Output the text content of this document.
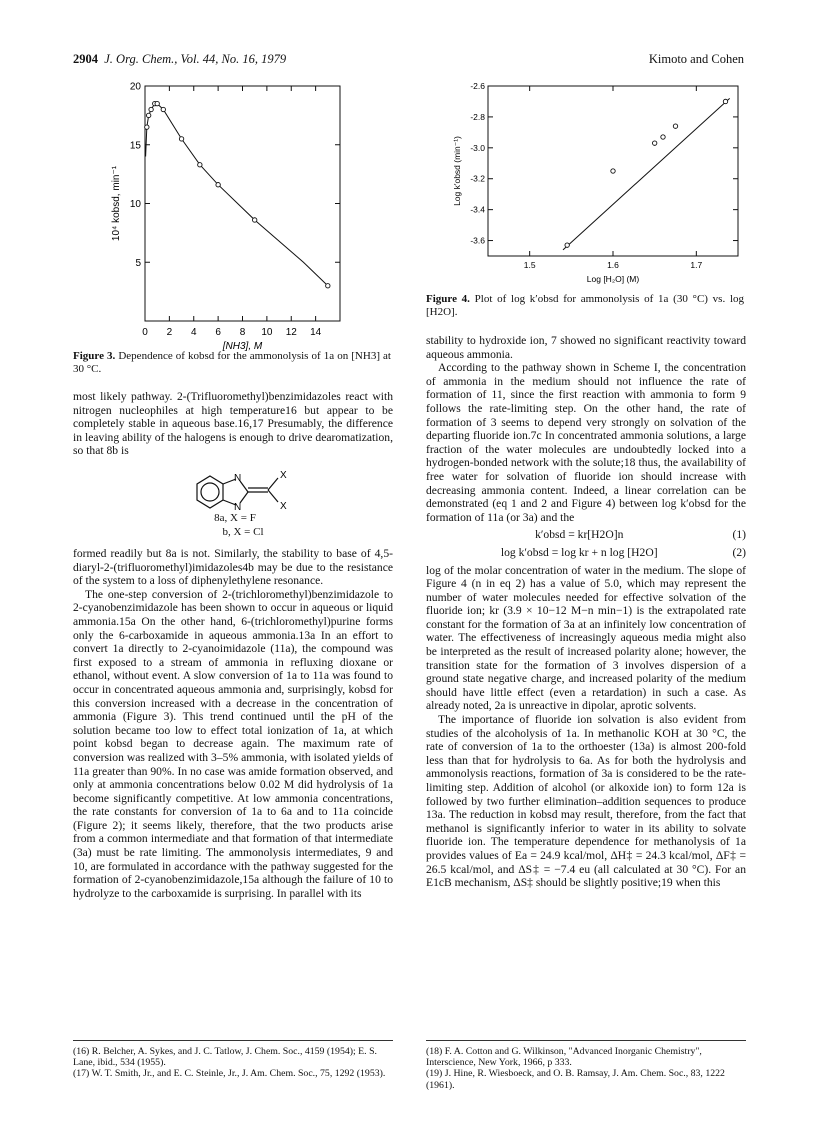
2904 J. Org. Chem., Vol. 44, No. 16, 1979	Kimoto and Cohen
0 2 4 6 8 10 12 14
5
10
15
20
[NH3], M
10⁴ kobsd, min⁻¹
Figure 3. Dependence of kobsd for the ammonolysis of 1a on [NH3] at 30 °C.
1.5	1.6	1.7
-2.6
-2.8
-3.0
-3.2
-3.4
-3.6
Log [H₂O] (M)
Log k′obsd (min⁻¹)
Figure 4. Plot of log k′obsd for ammonolysis of 1a (30 °C) vs. log [H2O].

most likely pathway. 2-(Trifluoromethyl)benzimidazoles react with nitrogen nucleophiles at high temperature16 but appear to be completely stable in aqueous base.16,17 Presumably, the difference in leaving ability of the halogens is enough to drive dearomatization, so that 8b is

N
N
X
X
8a, X = F
b, X = Cl

formed readily but 8a is not. Similarly, the stability to base of 4,5-diaryl-2-(trifluoromethyl)imidazoles4b may be due to the resistance of the system to a loss of diphenylethylene resonance.

The one-step conversion of 2-(trichloromethyl)benzimidazole to 2-cyanobenzimidazole has been shown to occur in aqueous or liquid ammonia.15a On the other hand, 6-(trichloromethyl)purine forms only the 6-carboxamide in aqueous ammonia.13a In an effort to convert 1a directly to 2-cyanoimidazole (11a), the compound was first exposed to a stream of ammonia in refluxing dioxane or ethanol, without event. A slow conversion of 1a to 11a was found to occur in concentrated aqueous ammonia and, surprisingly, kobsd for this conversion increased with a decrease in the concentration of ammonia (Figure 3). This trend continued until the pH of the solution became too low to effect total ionization of 1a, at which point kobsd began to decrease again. The maximum rate of conversion was realized with 3–5% ammonia, with isolated yields of 11a greater than 90%. In no case was amide formation observed, and only at ammonia concentrations below 0.02 M did hydrolysis of 1a become significantly competitive. At low ammonia concentrations, the rate constants for conversion of 1a to 6a and to 11a coincide (Figure 2); it seems likely, therefore, that the two products arise from a common intermediate and that formation of that intermediate (3a) must be rate limiting. The ammonolysis intermediates, 9 and 10, are formulated in accordance with the pathway suggested for the formation of 2-cyanobenzimidazole,15a although the failure of 10 to hydrolyze to the carboxamide is surprising. In parallel with its

stability to hydroxide ion, 7 showed no significant reactivity toward aqueous ammonia.

According to the pathway shown in Scheme I, the concentration of ammonia in the medium should not influence the rate of formation of 11, since the first reaction with ammonia to form 9 follows the rate-limiting step. On the other hand, the rate of formation of 3 seems to depend very strongly on solvation of the departing fluoride ion.7c In concentrated ammonia solutions, a large fraction of the water molecules are undoubtedly locked into a hydrogen-bonded network with the solute;18 thus, the availability of free water for solvation of fluoride ion should increase with decreasing ammonia content. Indeed, a linear correlation can be demonstrated (eq 1 and 2 and Figure 4) between log k′obsd for the formation of 11a (or 3a) and the

k′obsd = kr[H2O]n	(1)
log k′obsd = log kr + n log [H2O]	(2)

log of the molar concentration of water in the medium. The slope of Figure 4 (n in eq 2) has a value of 5.0, which may represent the number of water molecules needed for effective solvation of the fluoride ion; kr (3.9 × 10−12 M−n min−1) is the extrapolated rate constant for the formation of 3a at an infinitely low concentration of water. The effectiveness of increasingly aqueous media might also be interpreted as the result of increased polarity alone; however, the transition state for the formation of 3 involves dispersion of a ground state negative charge, and increased polarity of the medium should have little effect (even a retardation) in such a case. As already noted, 2a is unreactive in dipolar, aprotic solvents.

The importance of fluoride ion solvation is also evident from studies of the alcoholysis of 1a. In methanolic KOH at 30 °C, the rate of conversion of 1a to the orthoester (13a) is almost 200-fold less than that for hydrolysis to 6a. As for both the hydrolysis and ammonolysis reactions, formation of 3a is considered to be the rate-limiting step. Addition of alcohol (or alkoxide ion) to form 12a is followed by two further elimination–addition sequences to produce 13a. The reduction in kobsd may result, therefore, from the fact that methanol is significantly inferior to water in its ability to solvate fluoride ion. The temperature dependence for methanolysis of 1a provides values of Ea = 24.9 kcal/mol, ΔH‡ = 24.3 kcal/mol, ΔF‡ = 26.5 kcal/mol, and ΔS‡ = −7.4 eu (all calculated at 30 °C). For an E1cB mechanism, ΔS‡ should be slightly positive;19 when this

(16) R. Belcher, A. Sykes, and J. C. Tatlow, J. Chem. Soc., 4159 (1954); E. S. Lane, ibid., 534 (1955).

(17) W. T. Smith, Jr., and E. C. Steinle, Jr., J. Am. Chem. Soc., 75, 1292 (1953).

(18) F. A. Cotton and G. Wilkinson, "Advanced Inorganic Chemistry", Interscience, New York, 1966, p 333.

(19) J. Hine, R. Wiesboeck, and O. B. Ramsay, J. Am. Chem. Soc., 83, 1222 (1961).
